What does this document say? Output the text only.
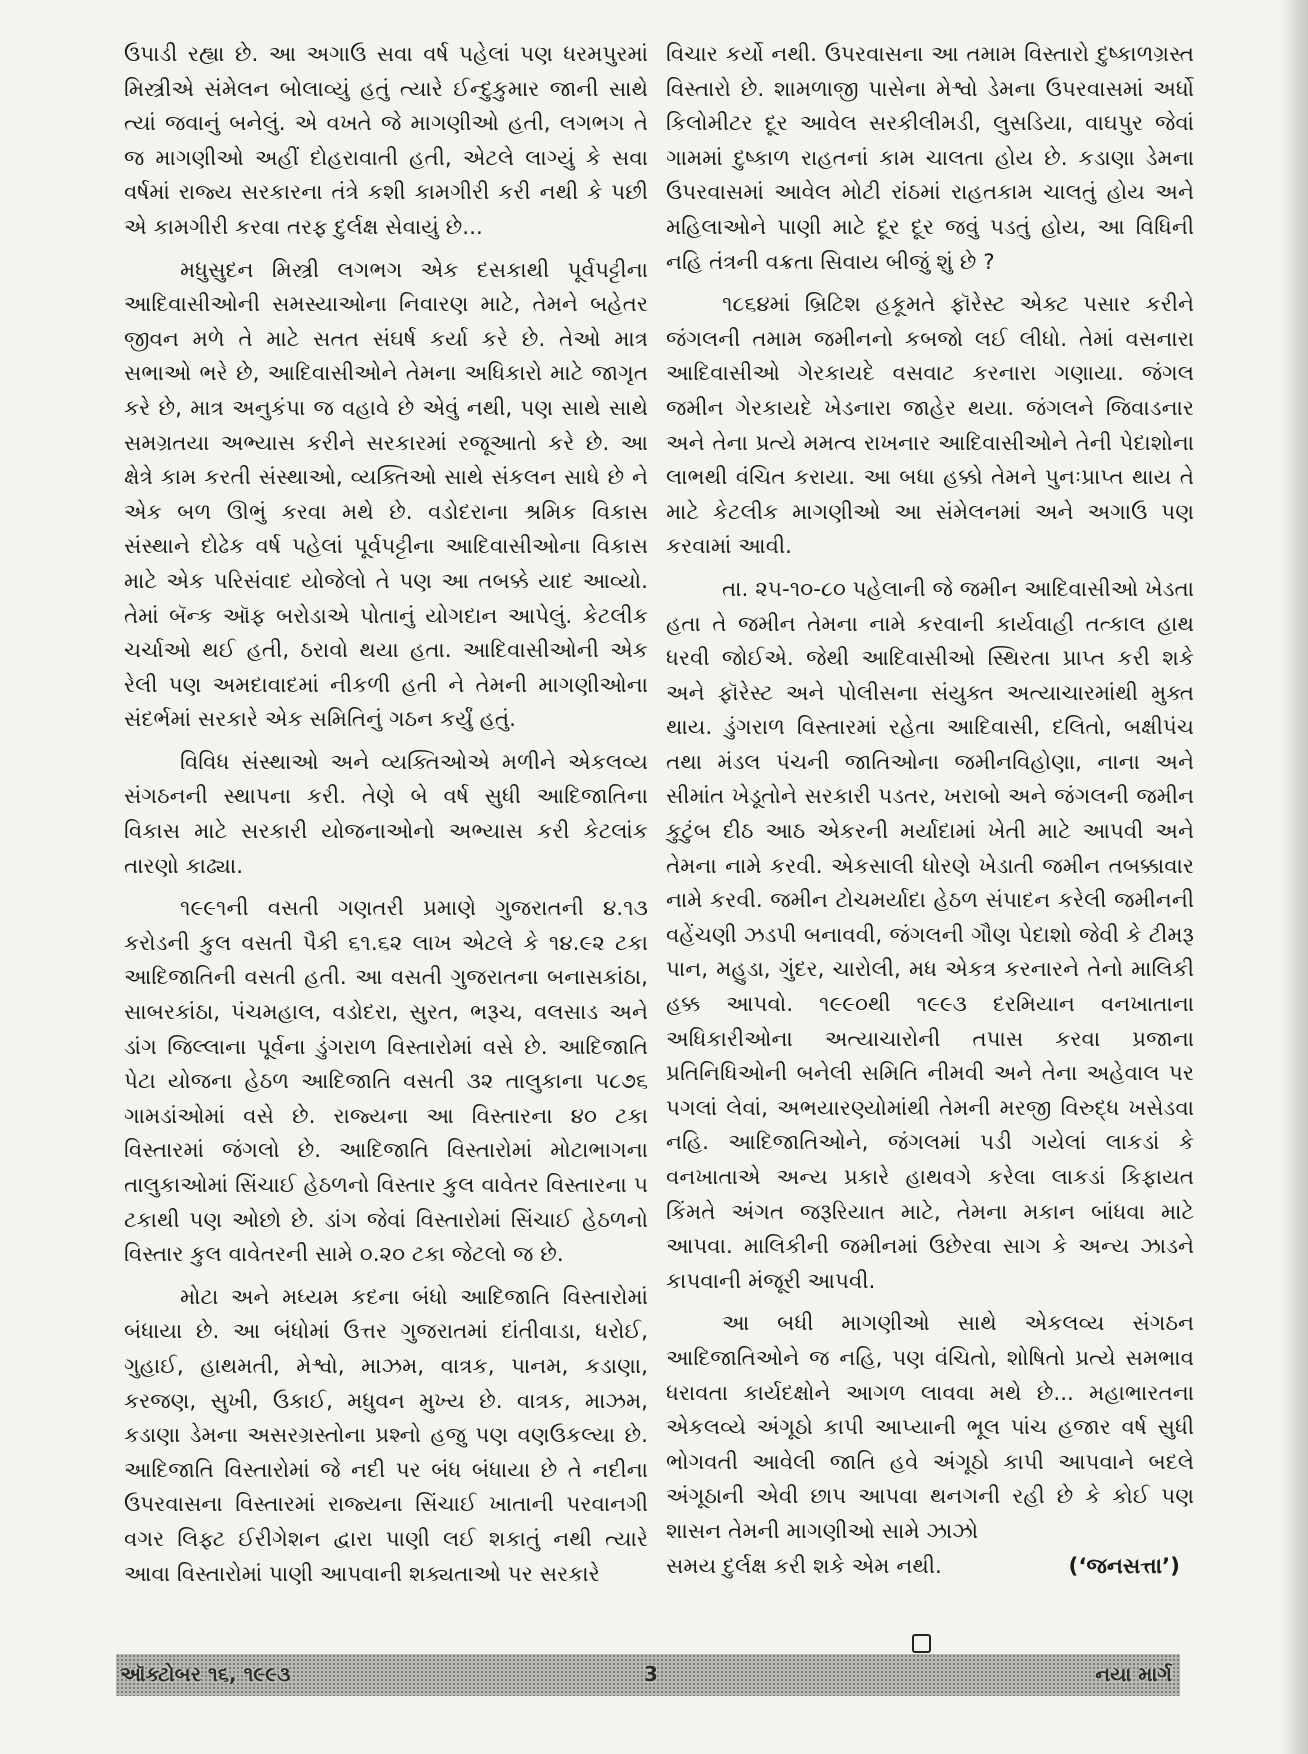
ઉપાડી રહ્યા છે. આ અગાઉ સવા વર્ષ પહેલાં પણ ધરમપુરમાં મિસ્ત્રીએ સંમેલન બોલાવ્યું હતું ત્યારે ઈન્દુકુમાર જાની સાથે ત્યાં જવાનું બનેલું. એ વખતે જે માગણીઓ હતી, લગભગ તે જ માગણીઓ અહીં દોહરાવાતી હતી, એટલે લાગ્યું કે સવા વર્ષમાં રાજ્ય સરકારના તંત્રે કશી કામગીરી કરી નથી કે પછી એ કામગીરી કરવા તરફ દુર્લક્ષ સેવાયું છે...

મધુસુદન મિસ્ત્રી લગભગ એક દસકાથી પૂર્વપટ્ટીના આદિવાસીઓની સમસ્યાઓના નિવારણ માટે, તેમને બહેતર જીવન મળે તે માટે સતત સંઘર્ષ કર્યા કરે છે. તેઓ માત્ર સભાઓ ભરે છે, આદિવાસીઓને તેમના અધિકારો માટે જાગૃત કરે છે, માત્ર અનુકંપા જ વહાવે છે એવું નથી, પણ સાથે સાથે સમગ્રતયા અભ્યાસ કરીને સરકારમાં રજૂઆતો કરે છે. આ ક્ષેત્રે કામ કરતી સંસ્થાઓ, વ્યક્તિઓ સાથે સંકલન સાધે છે ને એક બળ ઊભું કરવા મથે છે. વડોદરાના શ્રમિક વિકાસ સંસ્થાને દોઢેક વર્ષ પહેલાં પૂર્વપટ્ટીના આદિવાસીઓના વિકાસ માટે એક પરિસંવાદ યોજેલો તે પણ આ તબક્કે યાદ આવ્યો. તેમાં બૅન્ક ઑફ બરોડાએ પોતાનું યોગદાન આપેલું. કેટલીક ચર્ચાઓ થઈ હતી, ઠરાવો થયા હતા. આદિવાસીઓની એક રેલી પણ અમદાવાદમાં નીકળી હતી ને તેમની માગણીઓના સંદર્ભમાં સરકારે એક સમિતિનું ગઠન કર્યું હતું.

વિવિધ સંસ્થાઓ અને વ્યક્તિઓએ મળીને એકલવ્ય સંગઠનની સ્થાપના કરી. તેણે બે વર્ષ સુધી આદિજાતિના વિકાસ માટે સરકારી યોજનાઓનો અભ્યાસ કરી કેટલાંક તારણો કાઢ્યા.

૧૯૯૧ની વસતી ગણતરી પ્રમાણે ગુજરાતની ૪.૧૩ કરોડની કુલ વસતી પૈકી ૬૧.૬૨ લાખ એટલે કે ૧૪.૯૨ ટકા આદિજાતિની વસતી હતી. આ વસતી ગુજરાતના બનાસકાંઠા, સાબરકાંઠા, પંચમહાલ, વડોદરા, સુરત, ભરૂચ, વલસાડ અને ડાંગ જિલ્લાના પૂર્વના ડુંગરાળ વિસ્તારોમાં વસે છે. આદિજાતિ પેટા યોજના હેઠળ આદિજાતિ વસતી ૩૨ તાલુકાના ૫૮૭૬ ગામડાંઓમાં વસે છે. રાજ્યના આ વિસ્તારના ૪૦ ટકા વિસ્તારમાં જંગલો છે. આદિજાતિ વિસ્તારોમાં મોટાભાગના તાલુકાઓમાં સિંચાઈ હેઠળનો વિસ્તાર કુલ વાવેતર વિસ્તારના ૫ ટકાથી પણ ઓછો છે. ડાંગ જેવાં વિસ્તારોમાં સિંચાઈ હેઠળનો વિસ્તાર કુલ વાવેતરની સામે ૦.૨૦ ટકા જેટલો જ છે.

મોટા અને મધ્યમ કદના બંધો આદિજાતિ વિસ્તારોમાં બંધાયા છે. આ બંધોમાં ઉત્તર ગુજરાતમાં દાંતીવાડા, ધરોઈ, ગુહાઈ, હાથમતી, મેશ્વો, માઝમ, વાત્રક, પાનમ, કડાણા, કરજણ, સુખી, ઉકાઈ, મધુવન મુખ્ય છે. વાત્રક, માઝમ, કડાણા ડેમના અસરગ્રસ્તોના પ્રશ્નો હજુ પણ વણઉકલ્યા છે. આદિજાતિ વિસ્તારોમાં જે નદી પર બંધ બંધાયા છે તે નદીના ઉપરવાસના વિસ્તારમાં રાજ્યના સિંચાઈ ખાતાની પરવાનગી વગર લિફ્ટ ઈરીગેશન દ્વારા પાણી લઈ શકાતું નથી ત્યારે આવા વિસ્તારોમાં પાણી આપવાની શક્યતાઓ પર સરકારે

વિચાર કર્યો નથી. ઉપરવાસના આ તમામ વિસ્તારો દુષ્કાળગ્રસ્ત વિસ્તારો છે. શામળાજી પાસેના મેશ્વો ડેમના ઉપરવાસમાં અર્ધો કિલોમીટર દૂર આવેલ સરકીલીમડી, લુસડિયા, વાઘપુર જેવાં ગામમાં દુષ્કાળ રાહતનાં કામ ચાલતા હોય છે. કડાણા ડેમના ઉપરવાસમાં આવેલ મોટી રાંઠમાં રાહતકામ ચાલતું હોય અને મહિલાઓને પાણી માટે દૂર દૂર જવું પડતું હોય, આ વિધિની નહિ તંત્રની વક્રતા સિવાય બીજું શું છે ?

૧૮૬૪માં બ્રિટિશ હકૂમતે ફૉરેસ્ટ એક્ટ પસાર કરીને જંગલની તમામ જમીનનો કબજો લઈ લીધો. તેમાં વસનારા આદિવાસીઓ ગેરકાયદે વસવાટ કરનારા ગણાયા. જંગલ જમીન ગેરકાયદે ખેડનારા જાહેર થયા. જંગલને જિવાડનાર અને તેના પ્રત્યે મમત્વ રાખનાર આદિવાસીઓને તેની પેદાશોના લાભથી વંચિત કરાયા. આ બધા હક્કો તેમને પુનઃપ્રાપ્ત થાય તે માટે કેટલીક માગણીઓ આ સંમેલનમાં અને અગાઉ પણ કરવામાં આવી.

તા. ૨૫-૧૦-૮૦ પહેલાની જે જમીન આદિવાસીઓ ખેડતા હતા તે જમીન તેમના નામે કરવાની કાર્યવાહી તત્કાલ હાથ ધરવી જોઈએ. જેથી આદિવાસીઓ સ્થિરતા પ્રાપ્ત કરી શકે અને ફૉરેસ્ટ અને પોલીસના સંયુક્ત અત્યાચારમાંથી મુક્ત થાય. ડુંગરાળ વિસ્તારમાં રહેતા આદિવાસી, દલિતો, બક્ષીપંચ તથા મંડલ પંચની જાતિઓના જમીનવિહોણા, નાના અને સીમાંત ખેડૂતોને સરકારી પડતર, ખરાબો અને જંગલની જમીન કુટુંબ દીઠ આઠ એકરની મર્યાદામાં ખેતી માટે આપવી અને તેમના નામે કરવી. એકસાલી ધોરણે ખેડાતી જમીન તબક્કાવાર નામે કરવી. જમીન ટોચમર્યાદા હેઠળ સંપાદન કરેલી જમીનની વહેંચણી ઝડપી બનાવવી, જંગલની ગૌણ પેદાશો જેવી કે ટીમરૂ પાન, મહુડા, ગુંદર, ચારોલી, મધ એકત્ર કરનારને તેનો માલિકી હક્ક આપવો. ૧૯૯૦થી ૧૯૯૩ દરમિયાન વનખાતાના અધિકારીઓના અત્યાચારોની તપાસ કરવા પ્રજાના પ્રતિનિધિઓની બનેલી સમિતિ નીમવી અને તેના અહેવાલ પર પગલાં લેવાં, અભયારણ્યોમાંથી તેમની મરજી વિરુદ્ધ ખસેડવા નહિ. આદિજાતિઓને, જંગલમાં પડી ગયેલાં લાકડાં કે વનખાતાએ અન્ય પ્રકારે હાથવગે કરેલા લાકડાં કિફાયત કિંમતે અંગત જરૂરિયાત માટે, તેમના મકાન બાંધવા માટે આપવા. માલિકીની જમીનમાં ઉછેરવા સાગ કે અન્ય ઝાડને કાપવાની મંજૂરી આપવી.

આ બધી માગણીઓ સાથે એકલવ્ય સંગઠન આદિજાતિઓને જ નહિ, પણ વંચિતો, શોષિતો પ્રત્યે સમભાવ ધરાવતા કાર્યદક્ષોને આગળ લાવવા મથે છે... મહાભારતના એકલવ્યે અંગૂઠો કાપી આપ્યાની ભૂલ પાંચ હજાર વર્ષ સુધી ભોગવતી આવેલી જાતિ હવે અંગૂઠો કાપી આપવાને બદલે અંગૂઠાની એવી છાપ આપવા થનગની રહી છે કે કોઈ પણ શાસન તેમની માગણીઓ સામે ઝાઝો

સમય દુર્લક્ષ કરી શકે એમ નથી.	(‘જનસત્તા’)
ઑક્ટોબર ૧૬, ૧૯૯૩	3	નયા માર્ગ
